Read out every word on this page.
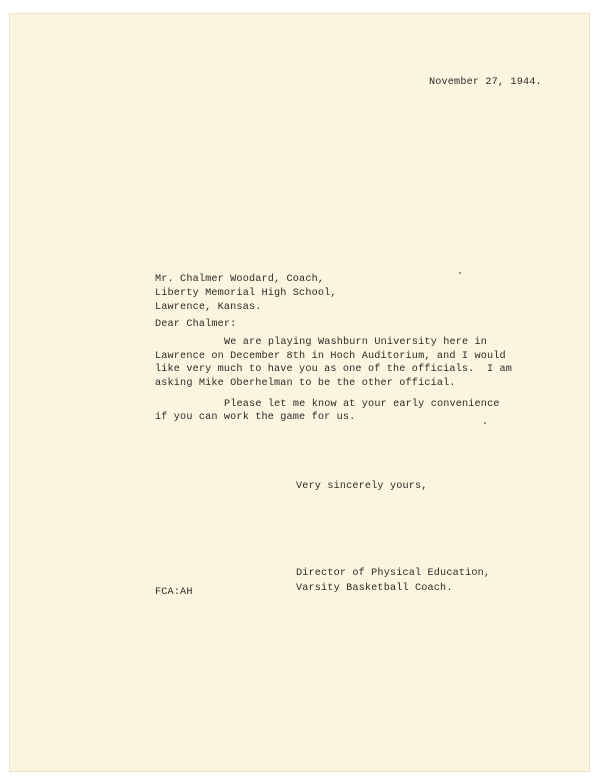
November 27, 1944.
Mr. Chalmer Woodard, Coach,
Liberty Memorial High School,
Lawrence, Kansas.
Dear Chalmer:
We are playing Washburn University here in
Lawrence on December 8th in Hoch Auditorium, and I would
like very much to have you as one of the officials.  I am
asking Mike Oberhelman to be the other official.
Please let me know at your early convenience
if you can work the game for us.
Very sincerely yours,
Director of Physical Education,
Varsity Basketball Coach.
FCA:AH
